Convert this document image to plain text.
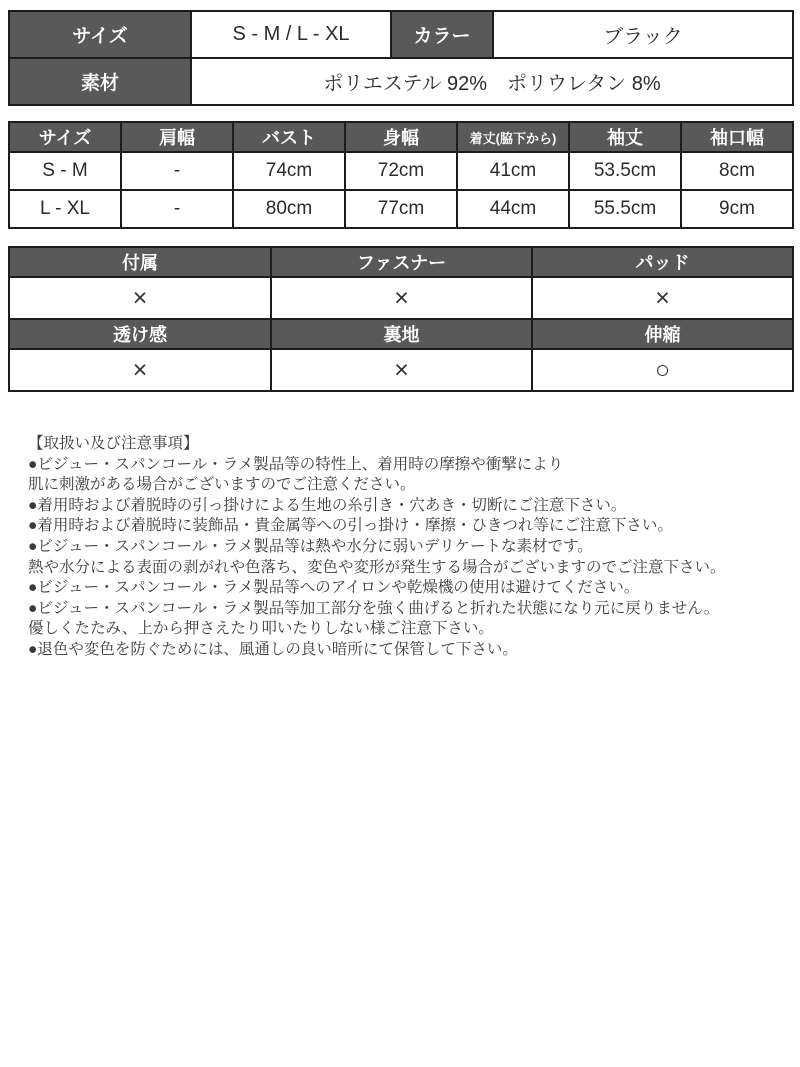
サイズ	S - M / L - XL	カラー	ブラック
素材	ポリエステル 92%　ポリウレタン 8%		
サイズ	肩幅	バスト	身幅	着丈(脇下から)	袖丈	袖口幅
S - M	-	74cm	72cm	41cm	53.5cm	8cm
L - XL	-	80cm	77cm	44cm	55.5cm	9cm
付属	ファスナー	パッド
×	×	×
透け感	裏地	伸縮
×	×	○
【取扱い及び注意事項】
●ビジュー・スパンコール・ラメ製品等の特性上、着用時の摩擦や衝撃により
肌に刺激がある場合がございますのでご注意ください。
●着用時および着脱時の引っ掛けによる生地の糸引き・穴あき・切断にご注意下さい。
●着用時および着脱時に装飾品・貴金属等への引っ掛け・摩擦・ひきつれ等にご注意下さい。
●ビジュー・スパンコール・ラメ製品等は熱や水分に弱いデリケートな素材です。
熱や水分による表面の剥がれや色落ち、変色や変形が発生する場合がございますのでご注意下さい。
●ビジュー・スパンコール・ラメ製品等へのアイロンや乾燥機の使用は避けてください。
●ビジュー・スパンコール・ラメ製品等加工部分を強く曲げると折れた状態になり元に戻りません。
優しくたたみ、上から押さえたり叩いたりしない様ご注意下さい。
●退色や変色を防ぐためには、風通しの良い暗所にて保管して下さい。
